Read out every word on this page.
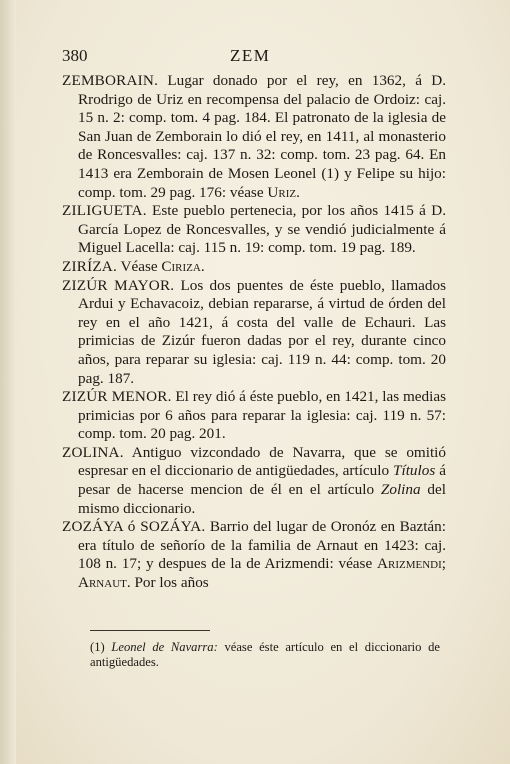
380	ZEM

ZEMBORAIN. Lugar donado por el rey, en 1362, á D. Rrodrigo de Uriz en recompensa del palacio de Ordoiz: caj. 15 n. 2: comp. tom. 4 pag. 184. El patronato de la iglesia de San Juan de Zemborain lo dió el rey, en 1411, al monasterio de Roncesvalles: caj. 137 n. 32: comp. tom. 23 pag. 64. En 1413 era Zemborain de Mosen Leonel (1) y Felipe su hijo: comp. tom. 29 pag. 176: véase Uriz.

ZILIGUETA. Este pueblo pertenecia, por los años 1415 á D. García Lopez de Roncesvalles, y se vendió judicialmente á Miguel Lacella: caj. 115 n. 19: comp. tom. 19 pag. 189.

ZIRÍZA. Véase Ciriza.

ZIZÚR MAYOR. Los dos puentes de éste pueblo, llamados Ardui y Echavacoiz, debian repararse, á virtud de órden del rey en el año 1421, á costa del valle de Echauri. Las primicias de Zizúr fueron dadas por el rey, durante cinco años, para reparar su iglesia: caj. 119 n. 44: comp. tom. 20 pag. 187.

ZIZÚR MENOR. El rey dió á éste pueblo, en 1421, las medias primicias por 6 años para reparar la iglesia: caj. 119 n. 57: comp. tom. 20 pag. 201.

ZOLINA. Antiguo vizcondado de Navarra, que se omitió espresar en el diccionario de antigüedades, artículo Títulos á pesar de hacerse mencion de él en el artículo Zolina del mismo diccionario.

ZOZÁYA ó SOZÁYA. Barrio del lugar de Oronóz en Baztán: era título de señorío de la familia de Arnaut en 1423: caj. 108 n. 17; y despues de la de Arizmendi: véase Arizmendi; Arnaut. Por los años

(1) Leonel de Navarra: véase éste artículo en el diccionario de antigüedades.
